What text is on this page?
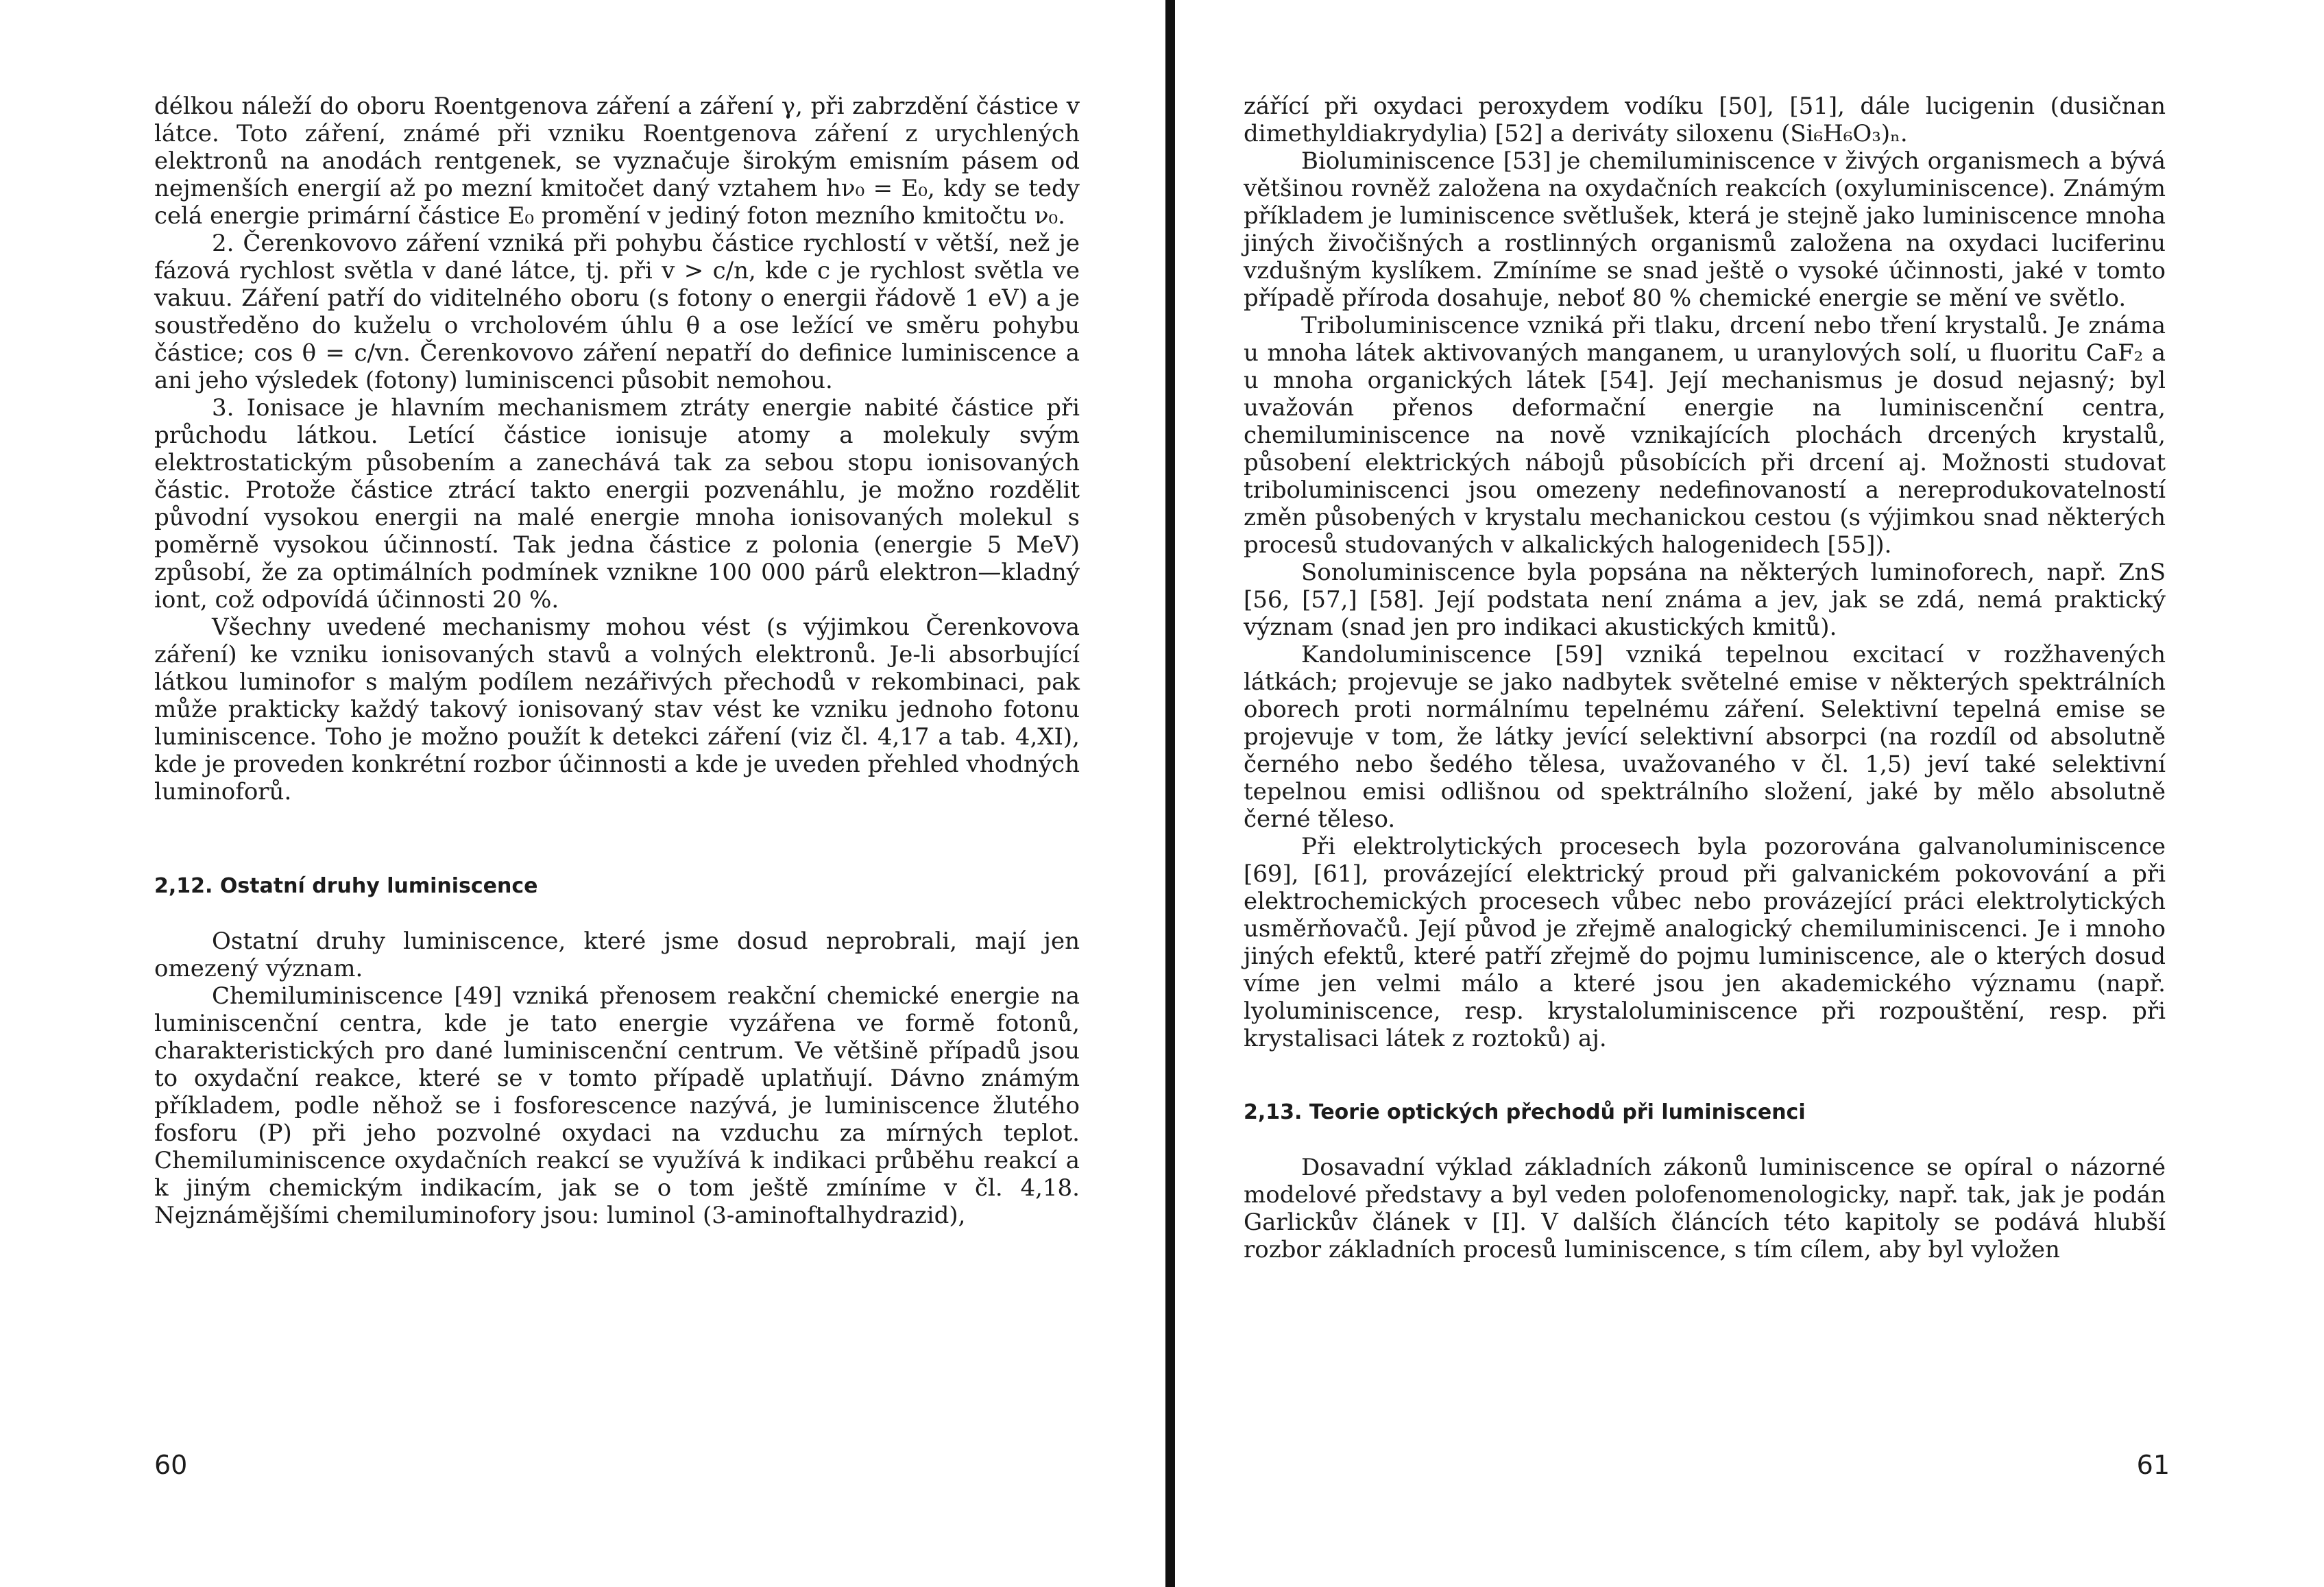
délkou náleží do oboru Roentgenova záření a záření γ, při zabrzdění částice v látce. Toto záření, známé při vzniku Roentgenova záření z urychlených elektronů na anodách rentgenek, se vyznačuje širokým emisním pásem od nejmenších energií až po mezní kmitočet daný vztahem hν₀ = E₀, kdy se tedy celá energie primární částice E₀ promění v jediný foton mezního kmitočtu ν₀.

2. Čerenkovovo záření vzniká při pohybu částice rychlostí v větší, než je fázová rychlost světla v dané látce, tj. při v > c/n, kde c je rychlost světla ve vakuu. Záření patří do viditelného oboru (s fotony o energii řádově 1 eV) a je soustředěno do kuželu o vrcholovém úhlu θ a ose ležící ve směru pohybu částice; cos θ = c/vn. Čerenkovovo záření nepatří do definice luminiscence a ani jeho výsledek (fotony) luminiscenci působit nemohou.

3. Ionisace je hlavním mechanismem ztráty energie nabité částice při průchodu látkou. Letící částice ionisuje atomy a molekuly svým elektrostatickým působením a zanechává tak za sebou stopu ionisovaných částic. Protože částice ztrácí takto energii pozvenáhlu, je možno rozdělit původní vysokou energii na malé energie mnoha ionisovaných molekul s poměrně vysokou účinností. Tak jedna částice z polonia (energie 5 MeV) způsobí, že za optimálních podmínek vznikne 100 000 párů elektron—kladný iont, což odpovídá účinnosti 20 %.

Všechny uvedené mechanismy mohou vést (s výjimkou Čerenkovova záření) ke vzniku ionisovaných stavů a volných elektronů. Je-li absorbující látkou luminofor s malým podílem nezářivých přechodů v rekombinaci, pak může prakticky každý takový ionisovaný stav vést ke vzniku jednoho fotonu luminiscence. Toho je možno použít k detekci záření (viz čl. 4,17 a tab. 4,XI), kde je proveden konkrétní rozbor účinnosti a kde je uveden přehled vhodných luminoforů.

2,12. Ostatní druhy luminiscence

Ostatní druhy luminiscence, které jsme dosud neprobrali, mají jen omezený význam.

Chemiluminiscence [49] vzniká přenosem reakční chemické energie na luminiscenční centra, kde je tato energie vyzářena ve formě fotonů, charakteristických pro dané luminiscenční centrum. Ve většině případů jsou to oxydační reakce, které se v tomto případě uplatňují. Dávno známým příkladem, podle něhož se i fosforescence nazývá, je luminiscence žlutého fosforu (P) při jeho pozvolné oxydaci na vzduchu za mírných teplot. Chemiluminiscence oxydačních reakcí se využívá k indikaci průběhu reakcí a k jiným chemickým indikacím, jak se o tom ještě zmíníme v čl. 4,18. Nejznámějšími chemiluminofory jsou: luminol (3-aminoftalhydrazid),

60

zářící při oxydaci peroxydem vodíku [50], [51], dále lucigenin (dusičnan dimethyldiakrydylia) [52] a deriváty siloxenu (Si₆H₆O₃)ₙ.

Bioluminiscence [53] je chemiluminiscence v živých organismech a bývá většinou rovněž založena na oxydačních reakcích (oxyluminiscence). Známým příkladem je luminiscence světlušek, která je stejně jako luminiscence mnoha jiných živočišných a rostlinných organismů založena na oxydaci luciferinu vzdušným kyslíkem. Zmíníme se snad ještě o vysoké účinnosti, jaké v tomto případě příroda dosahuje, neboť 80 % chemické energie se mění ve světlo.

Triboluminiscence vzniká při tlaku, drcení nebo tření krystalů. Je známa u mnoha látek aktivovaných manganem, u uranylových solí, u fluoritu CaF₂ a u mnoha organických látek [54]. Její mechanismus je dosud nejasný; byl uvažován přenos deformační energie na luminiscenční centra, chemiluminiscence na nově vznikajících plochách drcených krystalů, působení elektrických nábojů působících při drcení aj. Možnosti studovat triboluminiscenci jsou omezeny nedefinovaností a nereprodukovatelností změn působených v krystalu mechanickou cestou (s výjimkou snad některých procesů studovaných v alkalických halogenidech [55]).

Sonoluminiscence byla popsána na některých luminoforech, např. ZnS [56, [57,] [58]. Její podstata není známa a jev, jak se zdá, nemá praktický význam (snad jen pro indikaci akustických kmitů).

Kandoluminiscence [59] vzniká tepelnou excitací v rozžhavených látkách; projevuje se jako nadbytek světelné emise v některých spektrálních oborech proti normálnímu tepelnému záření. Selektivní tepelná emise se projevuje v tom, že látky jevící selektivní absorpci (na rozdíl od absolutně černého nebo šedého tělesa, uvažovaného v čl. 1,5) jeví také selektivní tepelnou emisi odlišnou od spektrálního složení, jaké by mělo absolutně černé těleso.

Při elektrolytických procesech byla pozorována galvanoluminiscence [69], [61], provázející elektrický proud při galvanickém pokovování a při elektrochemických procesech vůbec nebo provázející práci elektrolytických usměrňovačů. Její původ je zřejmě analogický chemiluminiscenci. Je i mnoho jiných efektů, které patří zřejmě do pojmu luminiscence, ale o kterých dosud víme jen velmi málo a které jsou jen akademického významu (např. lyoluminiscence, resp. krystaloluminiscence při rozpouštění, resp. při krystalisaci látek z roztoků) aj.

2,13. Teorie optických přechodů při luminiscenci

Dosavadní výklad základních zákonů luminiscence se opíral o názorné modelové představy a byl veden polofenomenologicky, např. tak, jak je podán Garlickův článek v [I]. V dalších článcích této kapitoly se podává hlubší rozbor základních procesů luminiscence, s tím cílem, aby byl vyložen

61
